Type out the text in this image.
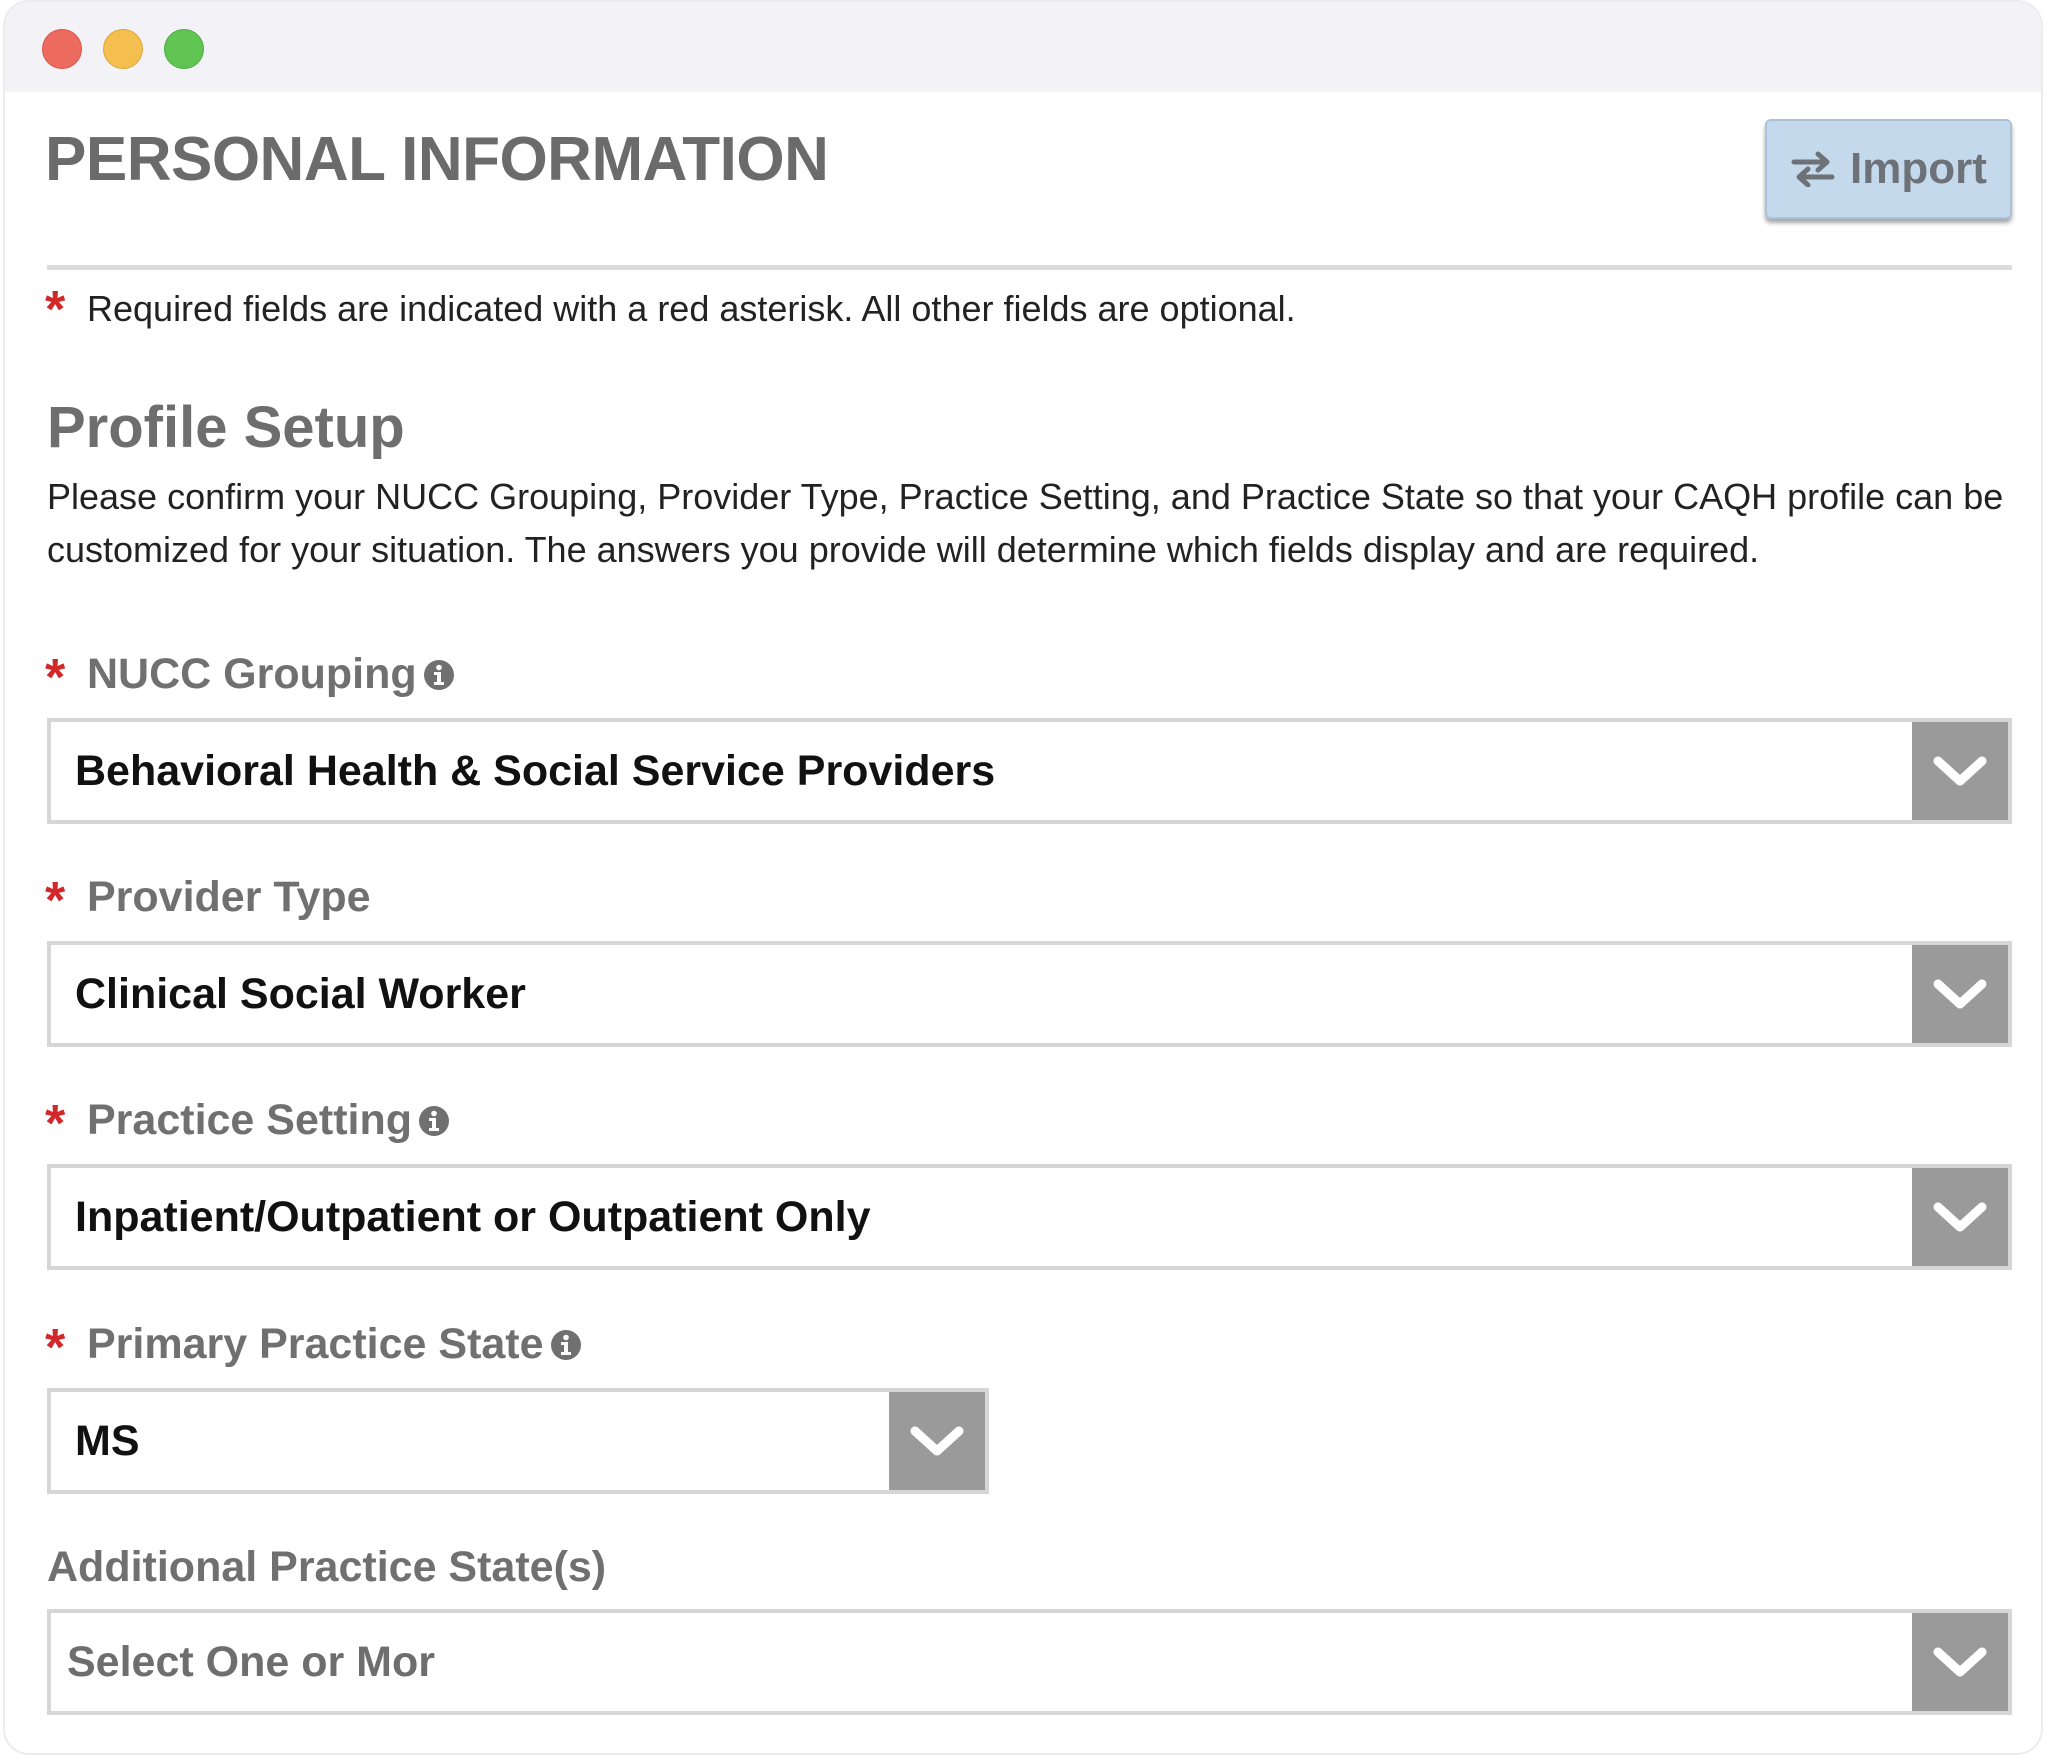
PERSONAL INFORMATION	Import
* Required fields are indicated with a red asterisk. All other fields are optional.
Profile Setup
Please confirm your NUCC Grouping, Provider Type, Practice Setting, and Practice State so that your CAQH profile can be customized for your situation. The answers you provide will determine which fields display and are required.
* NUCC Grouping
Behavioral Health & Social Service Providers
* Provider Type
Clinical Social Worker
* Practice Setting
Inpatient/Outpatient or Outpatient Only
* Primary Practice State
MS
Additional Practice State(s)
Select One or Mor
